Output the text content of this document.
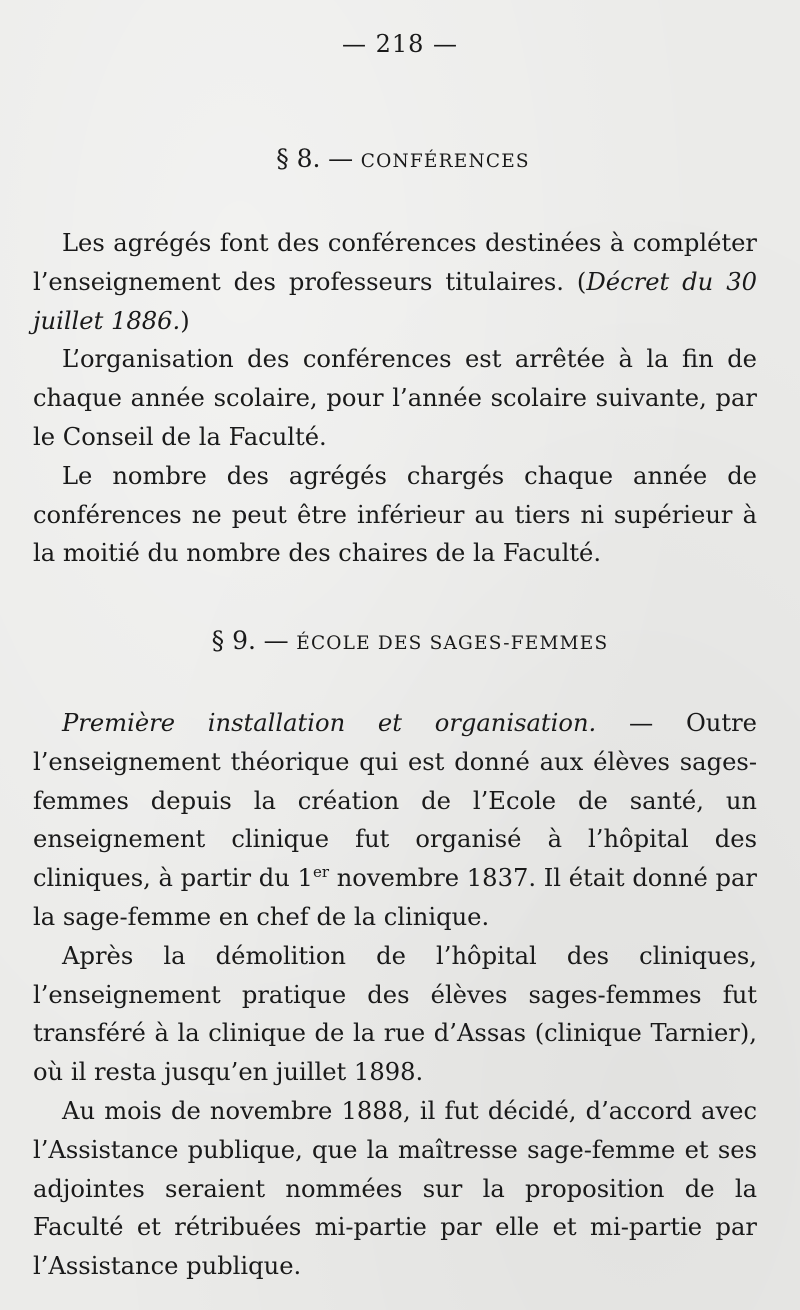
— 218 —
§ 8. — CONFÉRENCES

Les agrégés font des conférences destinées à compléter l’enseignement des professeurs titulaires. (Décret du 30 juillet 1886.)

L’organisation des conférences est arrêtée à la fin de chaque année scolaire, pour l’année scolaire suivante, par le Conseil de la Faculté.

Le nombre des agrégés chargés chaque année de conférences ne peut être inférieur au tiers ni supérieur à la moitié du nombre des chaires de la Faculté.

§ 9. — ÉCOLE DES SAGES-FEMMES

Première installation et organisation. — Outre l’enseignement théorique qui est donné aux élèves sages-femmes depuis la création de l’Ecole de santé, un enseignement clinique fut organisé à l’hôpital des cliniques, à partir du 1er novembre 1837. Il était donné par la sage-femme en chef de la clinique.

Après la démolition de l’hôpital des cliniques, l’enseignement pratique des élèves sages-femmes fut transféré à la clinique de la rue d’Assas (clinique Tarnier), où il resta jusqu’en juillet 1898.

Au mois de novembre 1888, il fut décidé, d’accord avec l’Assistance publique, que la maîtresse sage-femme et ses adjointes seraient nommées sur la proposition de la Faculté et rétribuées mi-partie par elle et mi-partie par l’Assistance publique.
